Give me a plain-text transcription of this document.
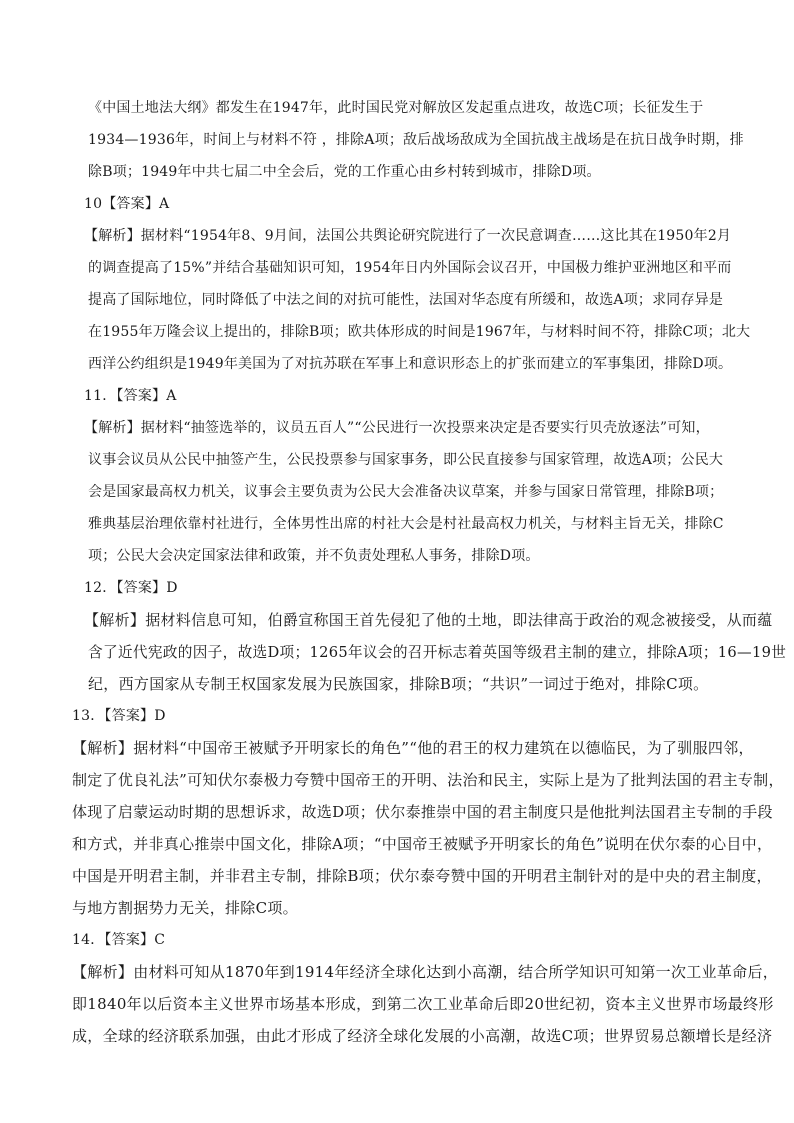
《中国土地法大纲》都发生在1947年，此时国民党对解放区发起重点进攻，故选C项；长征发生于
1934—1936年，时间上与材料不符 ，排除A项；敌后战场敌成为全国抗战主战场是在抗日战争时期，排
除B项；1949年中共七届二中全会后，党的工作重心由乡村转到城市，排除D项。
10【答案】A
【解析】据材料“1954年8、9月间，法国公共舆论研究院进行了一次民意调查……这比其在1950年2月
的调查提高了15%”并结合基础知识可知，1954年日内外国际会议召开，中国极力维护亚洲地区和平而
提高了国际地位，同时降低了中法之间的对抗可能性，法国对华态度有所缓和，故选A项；求同存异是
在1955年万隆会议上提出的，排除B项；欧共体形成的时间是1967年，与材料时间不符，排除C项；北大
西洋公约组织是1949年美国为了对抗苏联在军事上和意识形态上的扩张而建立的军事集团，排除D项。
11．【答案】A
【解析】据材料“抽签选举的，议员五百人”“公民进行一次投票来决定是否要实行贝壳放逐法”可知，
议事会议员从公民中抽签产生，公民投票参与国家事务，即公民直接参与国家管理，故选A项；公民大
会是国家最高权力机关，议事会主要负责为公民大会准备决议草案，并参与国家日常管理，排除B项；
雅典基层治理依靠村社进行，全体男性出席的村社大会是村社最高权力机关，与材料主旨无关，排除C
项；公民大会决定国家法律和政策，并不负责处理私人事务，排除D项。
12．【答案】D
【解析】据材料信息可知，伯爵宣称国王首先侵犯了他的土地，即法律高于政治的观念被接受，从而蕴
含了近代宪政的因子，故选D项；1265年议会的召开标志着英国等级君主制的建立，排除A项；16—19世
纪，西方国家从专制王权国家发展为民族国家，排除B项；“共识”一词过于绝对，排除C项。
13．【答案】D
【解析】据材料“中国帝王被赋予开明家长的角色”“他的君王的权力建筑在以德临民，为了驯服四邻，
制定了优良礼法”可知伏尔泰极力夸赞中国帝王的开明、法治和民主，实际上是为了批判法国的君主专制，
体现了启蒙运动时期的思想诉求，故选D项；伏尔泰推崇中国的君主制度只是他批判法国君主专制的手段
和方式，并非真心推崇中国文化，排除A项；“中国帝王被赋予开明家长的角色”说明在伏尔泰的心目中，
中国是开明君主制，并非君主专制，排除B项；伏尔泰夸赞中国的开明君主制针对的是中央的君主制度，
与地方割据势力无关，排除C项。
14．【答案】C
【解析】由材料可知从1870年到1914年经济全球化达到小高潮，结合所学知识可知第一次工业革命后，
即1840年以后资本主义世界市场基本形成，到第二次工业革命后即20世纪初，资本主义世界市场最终形
成，全球的经济联系加强，由此才形成了经济全球化发展的小高潮，故选C项；世界贸易总额增长是经济
